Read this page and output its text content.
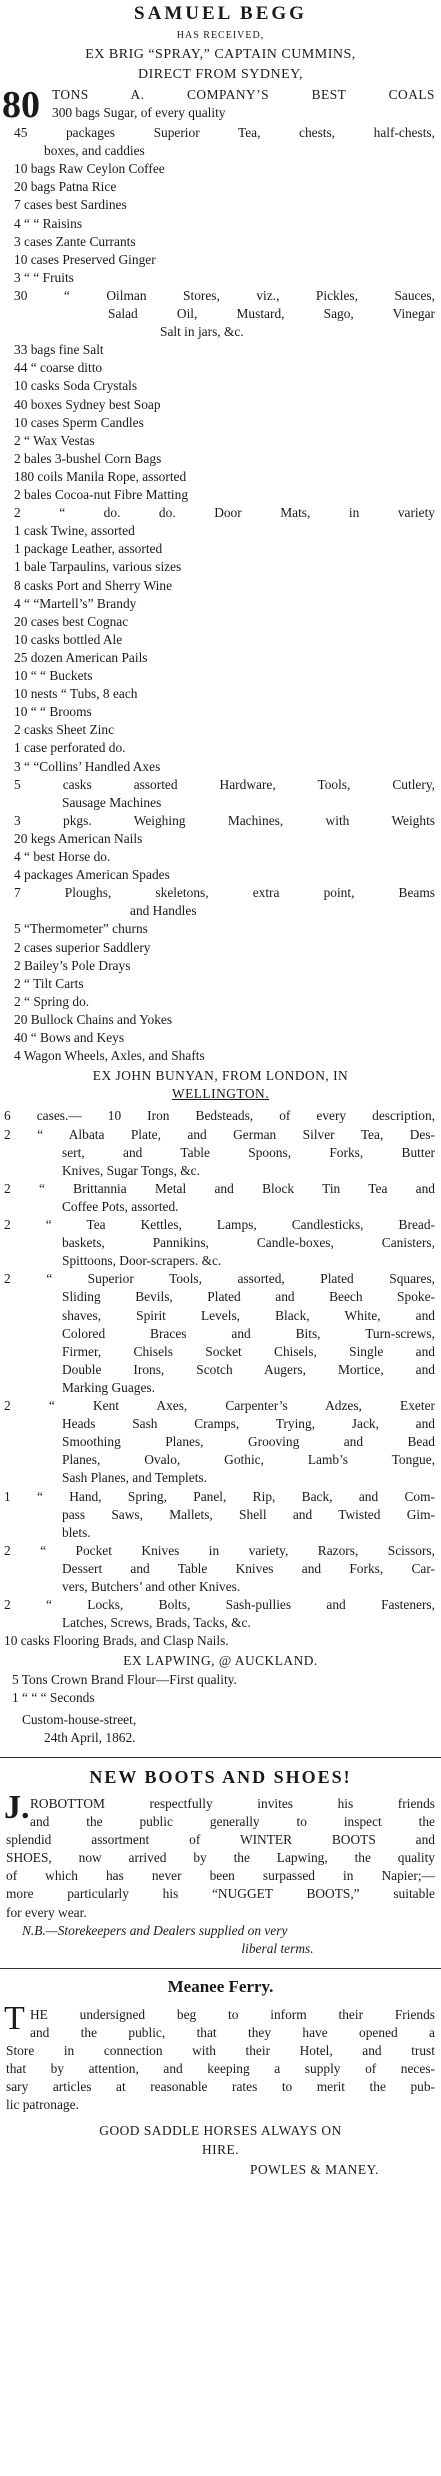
SAMUEL BEGG
HAS RECEIVED,
EX BRIG “SPRAY,” CAPTAIN CUMMINS,
DIRECT FROM SYDNEY,
80 TONS A. COMPANY’S BEST COALS
300 bags Sugar, of every quality
45 packages Superior Tea, chests, half-chests,
boxes, and caddies
10 bags Raw Ceylon Coffee
20 bags Patna Rice
7 cases best Sardines
4 “ “ Raisins
3 cases Zante Currants
10 cases Preserved Ginger
3 “ “ Fruits
30 “ Oilman Stores, viz., Pickles, Sauces,
Salad Oil, Mustard, Sago, Vinegar
Salt in jars, &c.
33 bags fine Salt
44 “ coarse ditto
10 casks Soda Crystals
40 boxes Sydney best Soap
10 cases Sperm Candles
2 “ Wax Vestas
2 bales 3-bushel Corn Bags
180 coils Manila Rope, assorted
2 bales Cocoa-nut Fibre Matting
2 “ do. do. Door Mats, in variety
1 cask Twine, assorted
1 package Leather, assorted
1 bale Tarpaulins, various sizes
8 casks Port and Sherry Wine
4 “ “Martell’s” Brandy
20 cases best Cognac
10 casks bottled Ale
25 dozen American Pails
10 “ “ Buckets
10 nests “ Tubs, 8 each
10 “ “ Brooms
2 casks Sheet Zinc
1 case perforated do.
3 “ “Collins’ Handled Axes
5 casks assorted Hardware, Tools, Cutlery,
Sausage Machines
3 pkgs. Weighing Machines, with Weights
20 kegs American Nails
4 “ best Horse do.
4 packages American Spades
7 Ploughs, skeletons, extra point, Beams
and Handles
5 “Thermometer” churns
2 cases superior Saddlery
2 Bailey’s Pole Drays
2 “ Tilt Carts
2 “ Spring do.
20 Bullock Chains and Yokes
40 “ Bows and Keys
4 Wagon Wheels, Axles, and Shafts
EX JOHN BUNYAN, FROM LONDON, IN
WELLINGTON.
6 cases.— 10 Iron Bedsteads, of every description,
2 “ Albata Plate, and German Silver Tea, Des-
sert, and Table Spoons, Forks, Butter
Knives, Sugar Tongs, &c.
2 “ Brittannia Metal and Block Tin Tea and
Coffee Pots, assorted.
2 “ Tea Kettles, Lamps, Candlesticks, Bread-
baskets, Pannikins, Candle-boxes, Canisters,
Spittoons, Door-scrapers. &c.
2 “ Superior Tools, assorted, Plated Squares,
Sliding Bevils, Plated and Beech Spoke-
shaves, Spirit Levels, Black, White, and
Colored Braces and Bits, Turn-screws,
Firmer, Chisels Socket Chisels, Single and
Double Irons, Scotch Augers, Mortice, and
Marking Guages.
2 “ Kent Axes, Carpenter’s Adzes, Exeter
Heads Sash Cramps, Trying, Jack, and
Smoothing Planes, Grooving and Bead
Planes, Ovalo, Gothic, Lamb’s Tongue,
Sash Planes, and Templets.
1 “ Hand, Spring, Panel, Rip, Back, and Com-
pass Saws, Mallets, Shell and Twisted Gim-
blets.
2 “ Pocket Knives in variety, Razors, Scissors,
Dessert and Table Knives and Forks, Car-
vers, Butchers’ and other Knives.
2 “ Locks, Bolts, Sash-pullies and Fasteners,
Latches, Screws, Brads, Tacks, &c.
10 casks Flooring Brads, and Clasp Nails.
EX LAPWING, @ AUCKLAND.
5 Tons Crown Brand Flour—First quality.
1 “ “ “ Seconds
Custom-house-street,
24th April, 1862.
NEW BOOTS AND SHOES!
J. ROBOTTOM respectfully invites his friends
and the public generally to inspect the
splendid assortment of WINTER BOOTS and
SHOES, now arrived by the Lapwing, the quality
of which has never been surpassed in Napier;—
more particularly his “NUGGET BOOTS,” suitable
for every wear.
N.B.—Storekeepers and Dealers supplied on very
liberal terms.
Meanee Ferry.
T HE undersigned beg to inform their Friends
and the public, that they have opened a
Store in connection with their Hotel, and trust
that by attention, and keeping a supply of neces-
sary articles at reasonable rates to merit the pub-
lic patronage.
GOOD SADDLE HORSES ALWAYS ON
HIRE.
POWLES & MANEY.
